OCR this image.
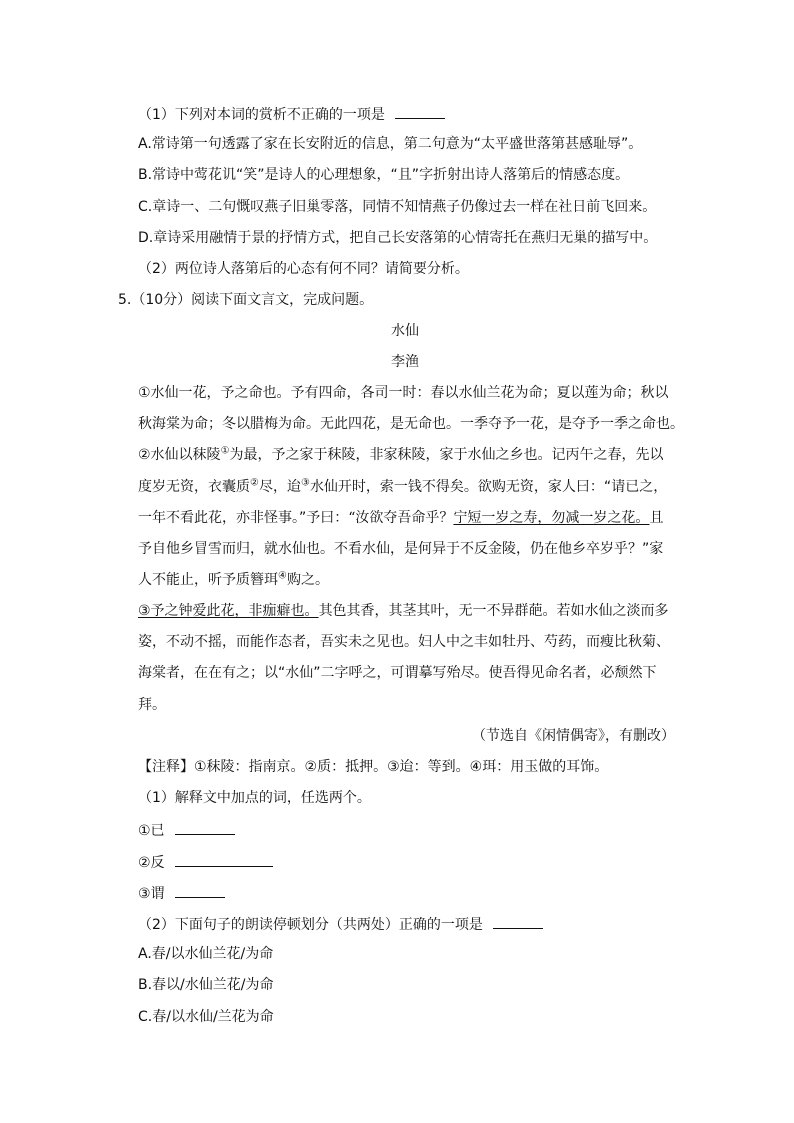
（1）下列对本词的赏析不正确的一项是
A.常诗第一句透露了家在长安附近的信息，第二句意为“太平盛世落第甚感耻辱”。
B.常诗中莺花讥“笑”是诗人的心理想象，“且”字折射出诗人落第后的情感态度。
C.章诗一、二句慨叹燕子旧巢零落，同情不知情燕子仍像过去一样在社日前飞回来。
D.章诗采用融情于景的抒情方式，把自己长安落第的心情寄托在燕归无巢的描写中。
（2）两位诗人落第后的心态有何不同？请简要分析。
5.（10分）阅读下面文言文，完成问题。
水仙
李渔
①水仙一花，予之命也。予有四命，各司一时：春以水仙兰花为命；夏以莲为命；秋以
秋海棠为命；冬以腊梅为命。无此四花，是无命也。一季夺予一花，是夺予一季之命也。
②水仙以秣陵①为最，予之家于秣陵，非家秣陵，家于水仙之乡也。记丙午之春，先以
度岁无资，衣囊质②尽，迨③水仙开时，索一钱不得矣。欲购无资，家人曰：“请已之，
一年不看此花，亦非怪事。”予曰：“汝欲夺吾命乎？宁短一岁之寿，勿减一岁之花。且
予自他乡冒雪而归，就水仙也。不看水仙，是何异于不反金陵，仍在他乡卒岁乎？”家
人不能止，听予质簪珥④购之。
③予之钟爱此花，非痂癖也。其色其香，其茎其叶，无一不异群葩。若如水仙之淡而多
姿，不动不摇，而能作态者，吾实未之见也。妇人中之丰如牡丹、芍药，而瘦比秋菊、
海棠者，在在有之；以“水仙”二字呼之，可谓摹写殆尽。使吾得见命名者，必颓然下
拜。
（节选自《闲情偶寄》，有删改）
【注释】①秣陵：指南京。②质：抵押。③迨：等到。④珥：用玉做的耳饰。
（1）解释文中加点的词，任选两个。
①已
②反
③谓
（2）下面句子的朗读停顿划分（共两处）正确的一项是
A.春/以水仙兰花/为命
B.春以/水仙兰花/为命
C.春/以水仙/兰花为命
